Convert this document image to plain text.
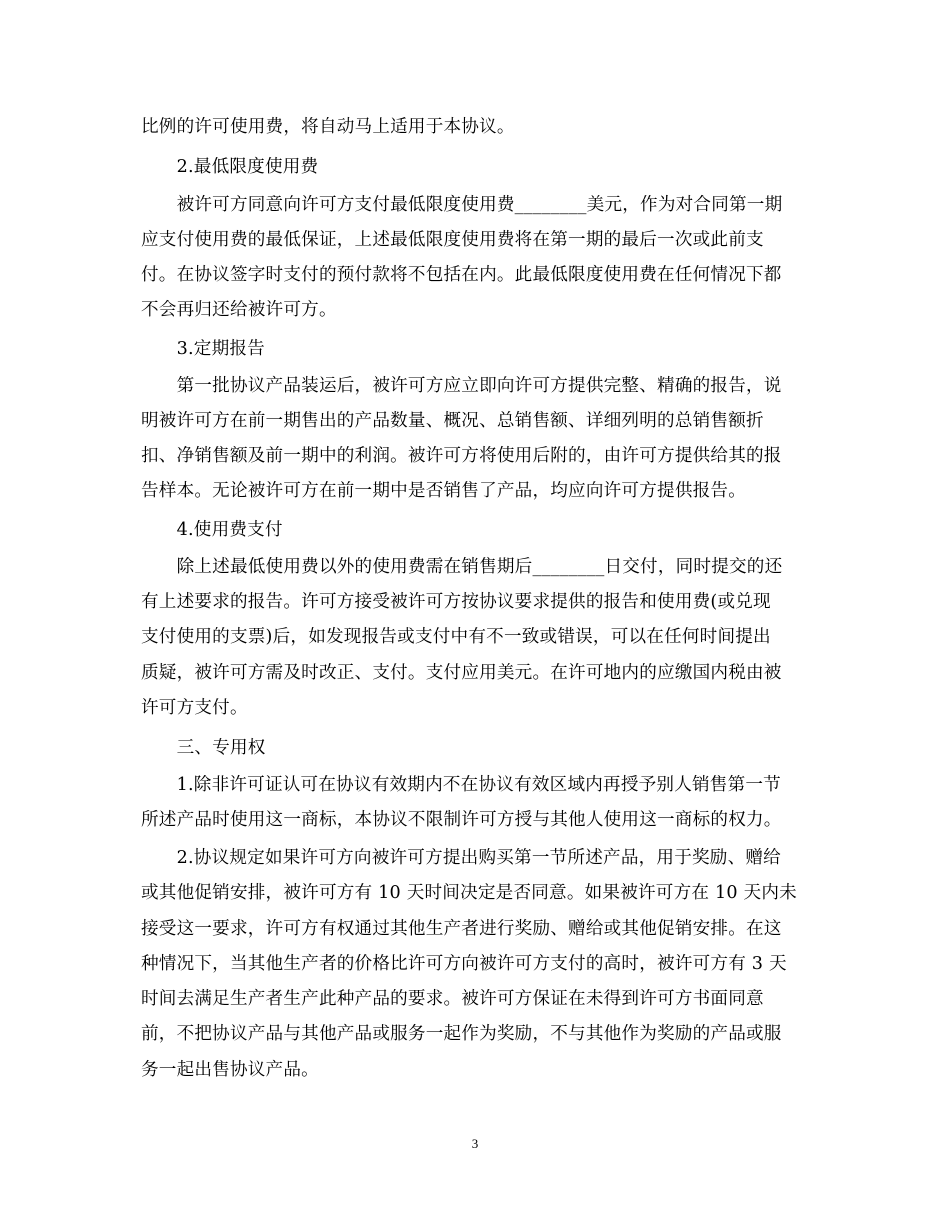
比例的许可使用费，将自动马上适用于本协议。
　　2.最低限度使用费
　　被许可方同意向许可方支付最低限度使用费________美元，作为对合同第一期
应支付使用费的最低保证，上述最低限度使用费将在第一期的最后一次或此前支
付。在协议签字时支付的预付款将不包括在内。此最低限度使用费在任何情况下都
不会再归还给被许可方。
　　3.定期报告
　　第一批协议产品装运后，被许可方应立即向许可方提供完整、精确的报告，说
明被许可方在前一期售出的产品数量、概况、总销售额、详细列明的总销售额折
扣、净销售额及前一期中的利润。被许可方将使用后附的，由许可方提供给其的报
告样本。无论被许可方在前一期中是否销售了产品，均应向许可方提供报告。
　　4.使用费支付
　　除上述最低使用费以外的使用费需在销售期后________日交付，同时提交的还
有上述要求的报告。许可方接受被许可方按协议要求提供的报告和使用费(或兑现
支付使用的支票)后，如发现报告或支付中有不一致或错误，可以在任何时间提出
质疑，被许可方需及时改正、支付。支付应用美元。在许可地内的应缴国内税由被
许可方支付。
　　三、专用权
　　1.除非许可证认可在协议有效期内不在协议有效区域内再授予别人销售第一节
所述产品时使用这一商标，本协议不限制许可方授与其他人使用这一商标的权力。
　　2.协议规定如果许可方向被许可方提出购买第一节所述产品，用于奖励、赠给
或其他促销安排，被许可方有 10 天时间决定是否同意。如果被许可方在 10 天内未
接受这一要求，许可方有权通过其他生产者进行奖励、赠给或其他促销安排。在这
种情况下，当其他生产者的价格比许可方向被许可方支付的高时，被许可方有 3 天
时间去满足生产者生产此种产品的要求。被许可方保证在未得到许可方书面同意
前，不把协议产品与其他产品或服务一起作为奖励，不与其他作为奖励的产品或服
务一起出售协议产品。
3
